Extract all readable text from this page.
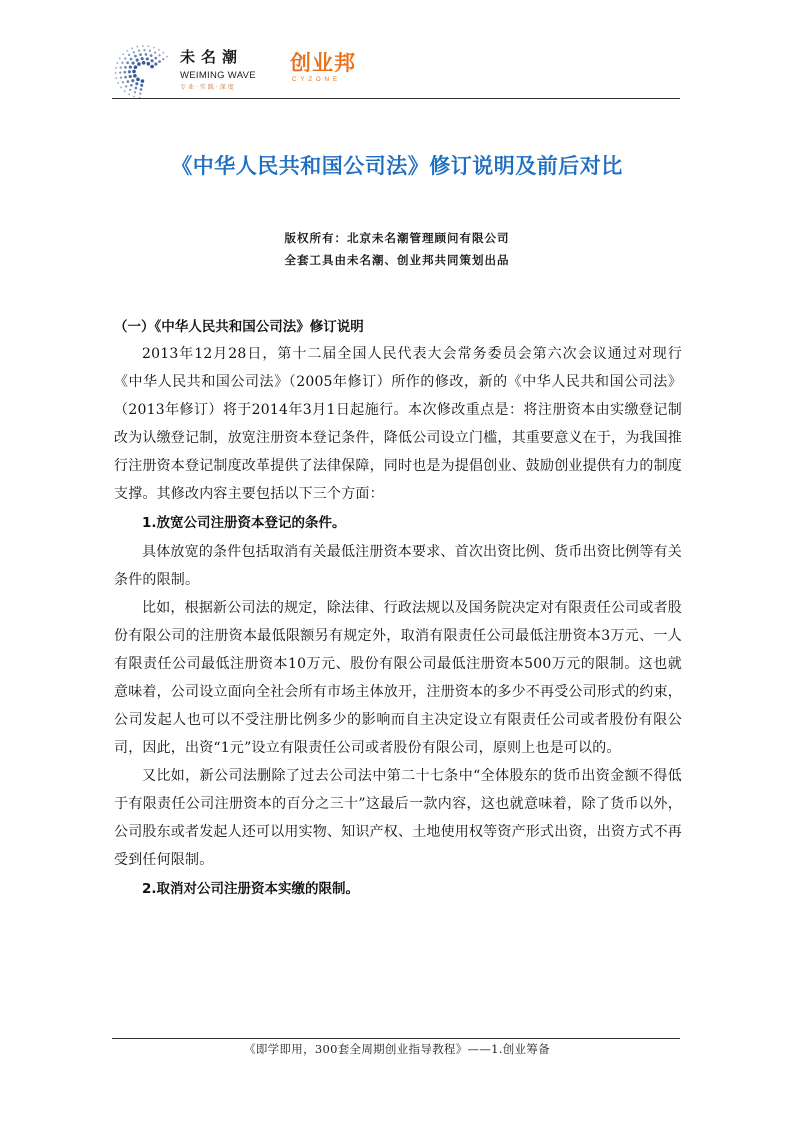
未名潮
WEIMING WAVE
专业·实践·深度
创业邦
CYZONE
《中华人民共和国公司法》修订说明及前后对比
版权所有：北京未名潮管理顾问有限公司
全套工具由未名潮、创业邦共同策划出品

（一）《中华人民共和国公司法》修订说明

2013年12月28日，第十二届全国人民代表大会常务委员会第六次会议通过对现行《中华人民共和国公司法》（2005年修订）所作的修改，新的《中华人民共和国公司法》（2013年修订）将于2014年3月1日起施行。本次修改重点是：将注册资本由实缴登记制改为认缴登记制，放宽注册资本登记条件，降低公司设立门槛，其重要意义在于，为我国推行注册资本登记制度改革提供了法律保障，同时也是为提倡创业、鼓励创业提供有力的制度支撑。其修改内容主要包括以下三个方面：

1.放宽公司注册资本登记的条件。

具体放宽的条件包括取消有关最低注册资本要求、首次出资比例、货币出资比例等有关条件的限制。

比如，根据新公司法的规定，除法律、行政法规以及国务院决定对有限责任公司或者股份有限公司的注册资本最低限额另有规定外，取消有限责任公司最低注册资本3万元、一人有限责任公司最低注册资本10万元、股份有限公司最低注册资本500万元的限制。这也就意味着，公司设立面向全社会所有市场主体放开，注册资本的多少不再受公司形式的约束，公司发起人也可以不受注册比例多少的影响而自主决定设立有限责任公司或者股份有限公司，因此，出资“1元”设立有限责任公司或者股份有限公司，原则上也是可以的。

又比如，新公司法删除了过去公司法中第二十七条中“全体股东的货币出资金额不得低于有限责任公司注册资本的百分之三十”这最后一款内容，这也就意味着，除了货币以外，公司股东或者发起人还可以用实物、知识产权、土地使用权等资产形式出资，出资方式不再受到任何限制。

2.取消对公司注册资本实缴的限制。

《即学即用，300套全周期创业指导教程》——1.创业筹备
